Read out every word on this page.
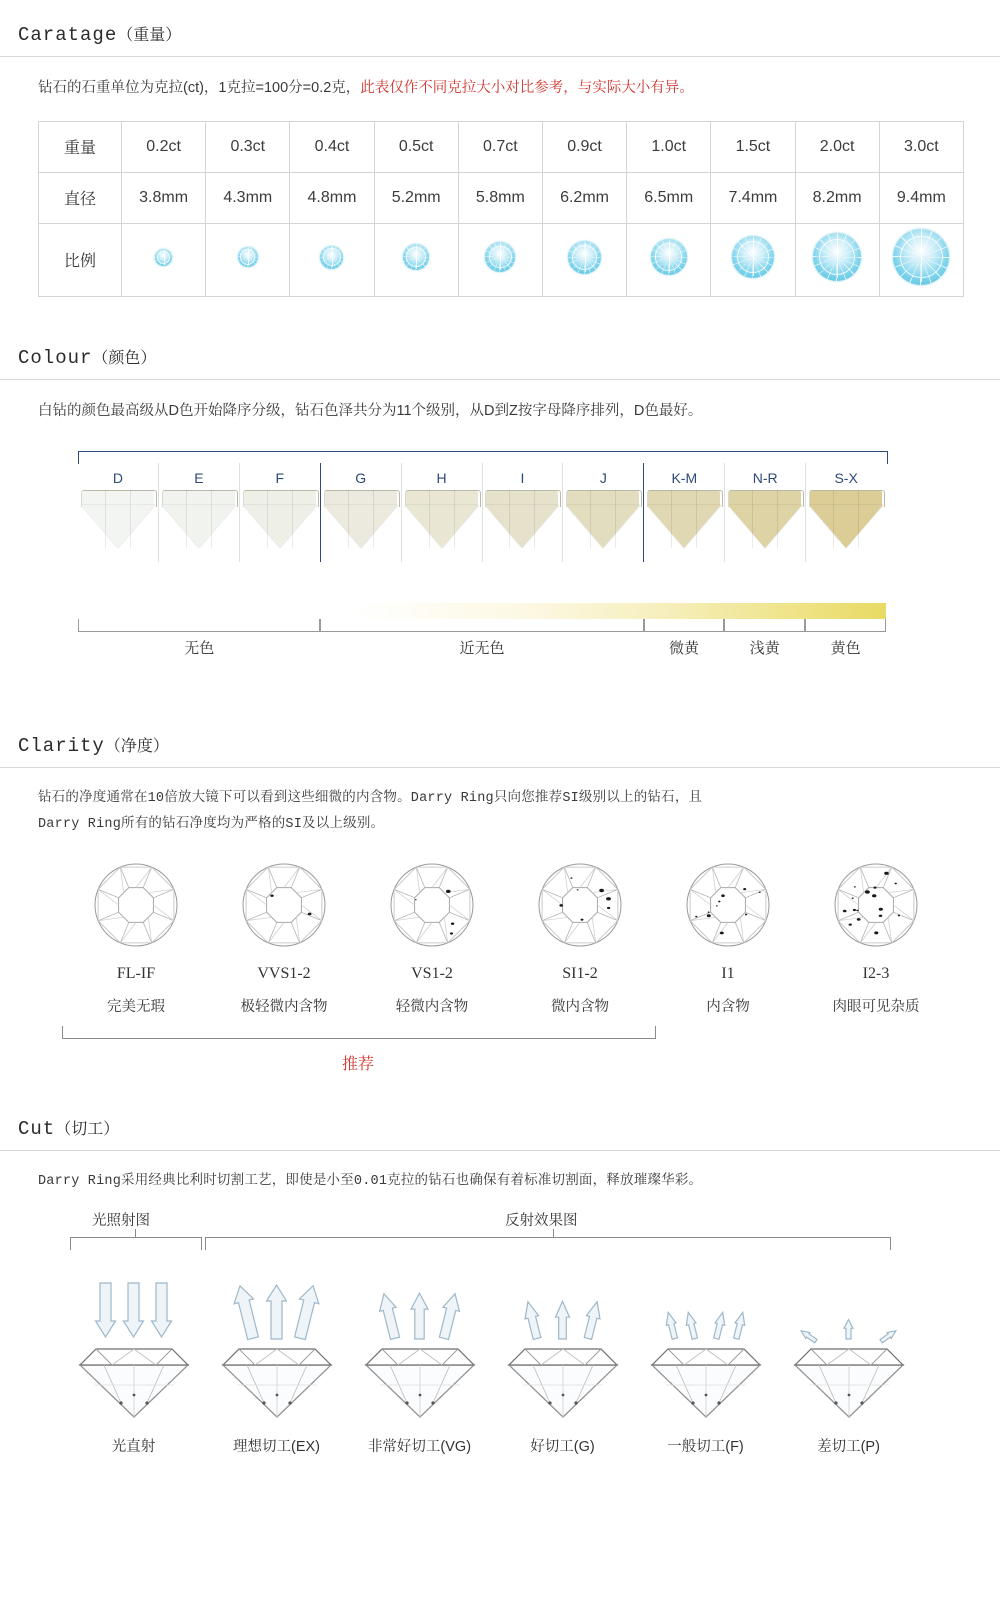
Caratage（重量）
钻石的石重单位为克拉(ct)，1克拉=100分=0.2克，此表仅作不同克拉大小对比参考，与实际大小有异。
重量	0.2ct	0.3ct	0.4ct	0.5ct	0.7ct	0.9ct	1.0ct	1.5ct	2.0ct	3.0ct
直径	3.8mm	4.3mm	4.8mm	5.2mm	5.8mm	6.2mm	6.5mm	7.4mm	8.2mm	9.4mm
比例	

Colour（颜色）
白钻的颜色最高级从D色开始降序分级，钻石色泽共分为11个级别，从D到Z按字母降序排列，D色最好。
D	E	F	G	H	I	J	K-M	N-R	S-X
无色	近无色	微黄	浅黄	黄色
Clarity（净度）
钻石的净度通常在10倍放大镜下可以看到这些细微的内含物。Darry Ring只向您推荐SI级别以上的钻石，且
Darry Ring所有的钻石净度均为严格的SI及以上级别。
FL-IF
完美无瑕
VVS1-2
极轻微内含物
VS1-2
轻微内含物
SI1-2
微内含物
I1
内含物
I2-3
肉眼可见杂质
推荐
Cut（切工）
Darry Ring采用经典比利时切割工艺，即使是小至0.01克拉的钻石也确保有着标准切割面，释放璀璨华彩。
光照射图	反射效果图
光直射	理想切工(EX)	非常好切工(VG)	好切工(G)	一般切工(F)	差切工(P)
